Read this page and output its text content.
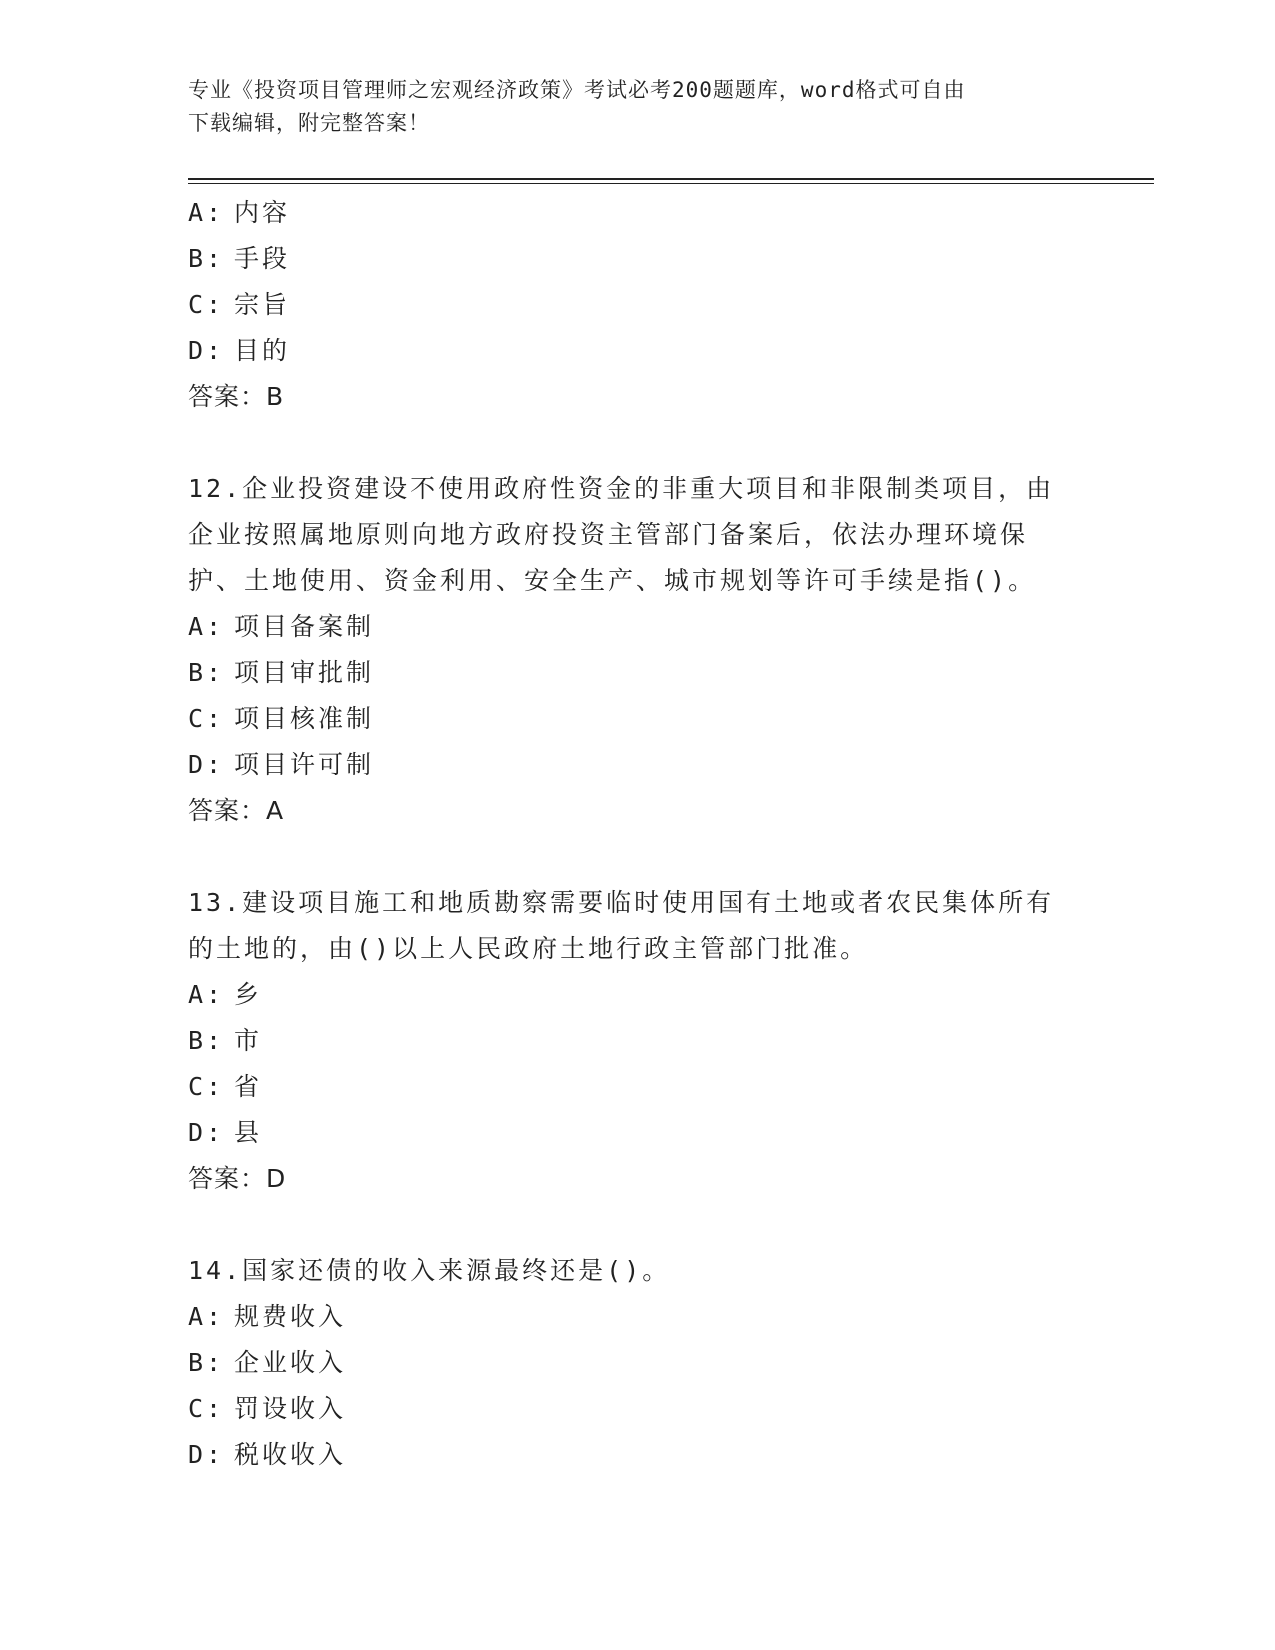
专业《投资项目管理师之宏观经济政策》考试必考200题题库，word格式可自由
下载编辑，附完整答案！
A: 内容
B: 手段
C: 宗旨
D: 目的
答案：B
12.企业投资建设不使用政府性资金的非重大项目和非限制类项目，由
企业按照属地原则向地方政府投资主管部门备案后，依法办理环境保
护、土地使用、资金利用、安全生产、城市规划等许可手续是指()。
A: 项目备案制
B: 项目审批制
C: 项目核准制
D: 项目许可制
答案：A
13.建设项目施工和地质勘察需要临时使用国有土地或者农民集体所有
的土地的，由()以上人民政府土地行政主管部门批准。
A: 乡
B: 市
C: 省
D: 县
答案：D
14.国家还债的收入来源最终还是()。
A: 规费收入
B: 企业收入
C: 罚设收入
D: 税收收入
